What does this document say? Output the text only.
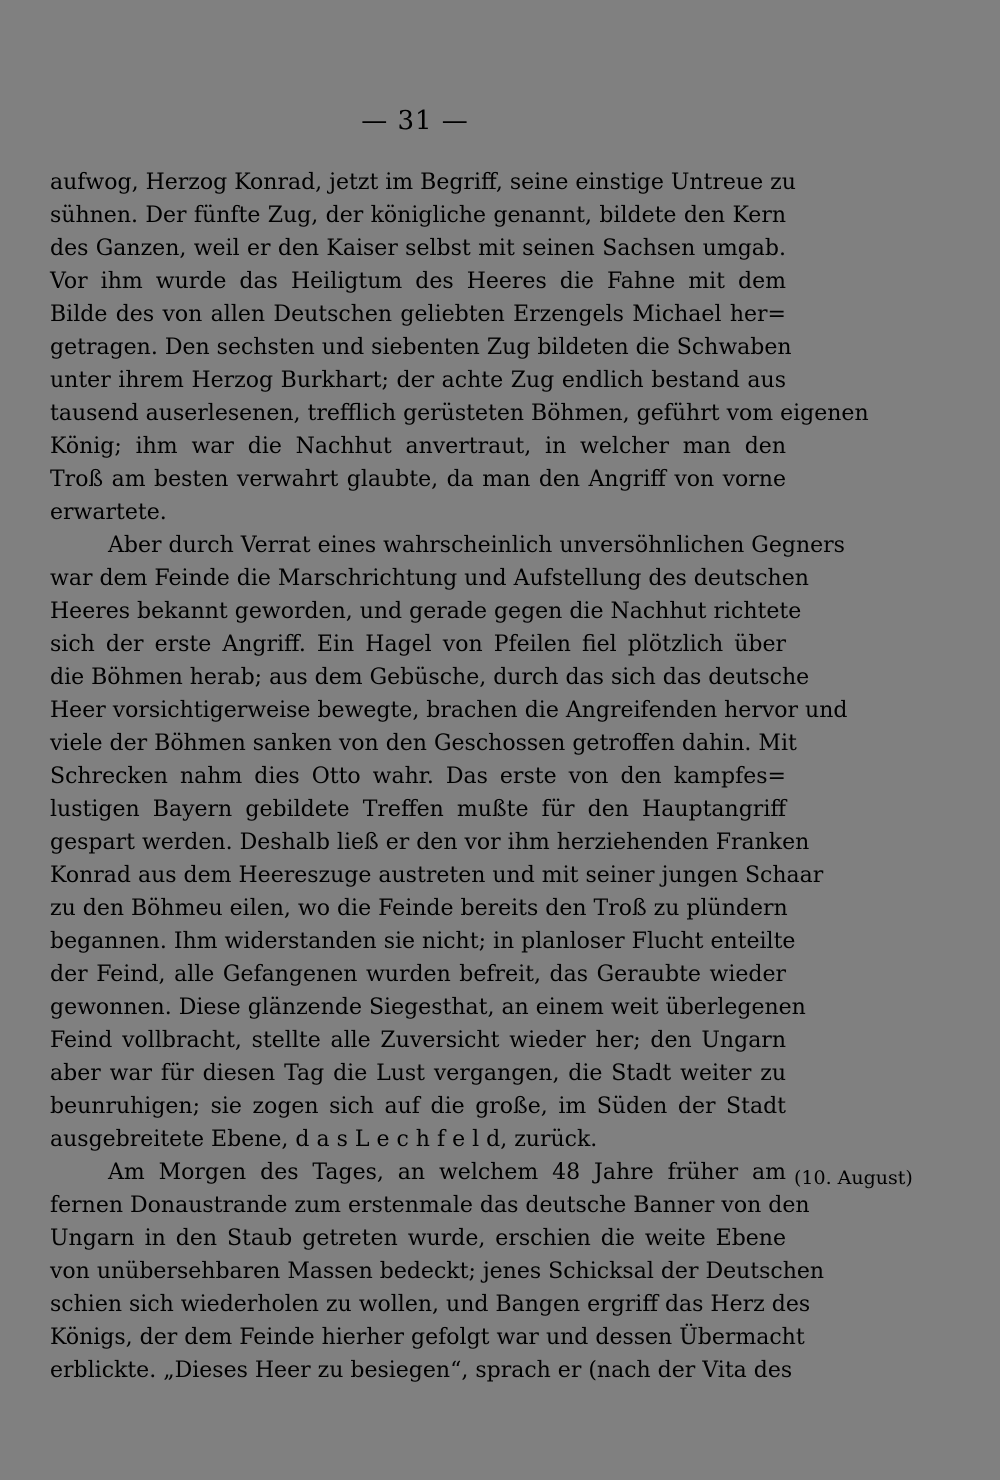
— 31 —
aufwog, Herzog Konrad, jetzt im Begriff, seine einstige Untreue zu
sühnen. Der fünfte Zug, der königliche genannt, bildete den Kern
des Ganzen, weil er den Kaiser selbst mit seinen Sachsen umgab.
Vor ihm wurde das Heiligtum des Heeres die Fahne mit dem
Bilde des von allen Deutschen geliebten Erzengels Michael her=
getragen. Den sechsten und siebenten Zug bildeten die Schwaben
unter ihrem Herzog Burkhart; der achte Zug endlich bestand aus
tausend auserlesenen, trefflich gerüsteten Böhmen, geführt vom eigenen
König; ihm war die Nachhut anvertraut, in welcher man den
Troß am besten verwahrt glaubte, da man den Angriff von vorne
erwartete.
Aber durch Verrat eines wahrscheinlich unversöhnlichen Gegners
war dem Feinde die Marschrichtung und Aufstellung des deutschen
Heeres bekannt geworden, und gerade gegen die Nachhut richtete
sich der erste Angriff. Ein Hagel von Pfeilen fiel plötzlich über
die Böhmen herab; aus dem Gebüsche, durch das sich das deutsche
Heer vorsichtigerweise bewegte, brachen die Angreifenden hervor und
viele der Böhmen sanken von den Geschossen getroffen dahin. Mit
Schrecken nahm dies Otto wahr. Das erste von den kampfes=
lustigen Bayern gebildete Treffen mußte für den Hauptangriff
gespart werden. Deshalb ließ er den vor ihm herziehenden Franken
Konrad aus dem Heereszuge austreten und mit seiner jungen Schaar
zu den Böhmeu eilen, wo die Feinde bereits den Troß zu plündern
begannen. Ihm widerstanden sie nicht; in planloser Flucht enteilte
der Feind, alle Gefangenen wurden befreit, das Geraubte wieder
gewonnen. Diese glänzende Siegesthat, an einem weit überlegenen
Feind vollbracht, stellte alle Zuversicht wieder her; den Ungarn
aber war für diesen Tag die Lust vergangen, die Stadt weiter zu
beunruhigen; sie zogen sich auf die große, im Süden der Stadt
ausgebreitete Ebene, d a s L e c h f e l d, zurück.
Am Morgen des Tages, an welchem 48 Jahre früher am
fernen Donaustrande zum erstenmale das deutsche Banner von den
Ungarn in den Staub getreten wurde, erschien die weite Ebene
von unübersehbaren Massen bedeckt; jenes Schicksal der Deutschen
schien sich wiederholen zu wollen, und Bangen ergriff das Herz des
Königs, der dem Feinde hierher gefolgt war und dessen Übermacht
erblickte. „Dieses Heer zu besiegen“, sprach er (nach der Vita des
(10. August)
